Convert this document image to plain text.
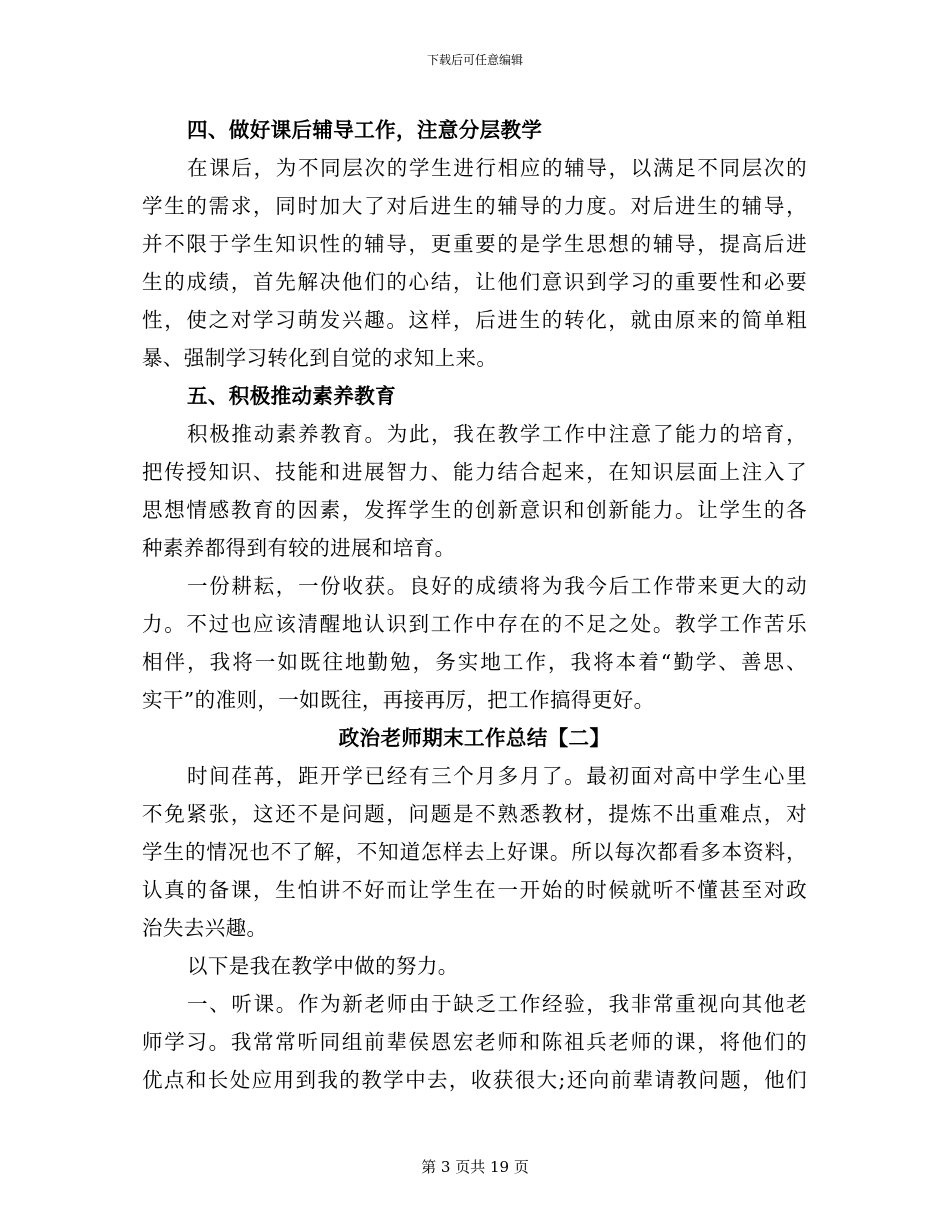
下载后可任意编辑
四、做好课后辅导工作，注意分层教学
在课后，为不同层次的学生进行相应的辅导，以满足不同层次的
学生的需求，同时加大了对后进生的辅导的力度。对后进生的辅导，
并不限于学生知识性的辅导，更重要的是学生思想的辅导，提高后进
生的成绩，首先解决他们的心结，让他们意识到学习的重要性和必要
性，使之对学习萌发兴趣。这样，后进生的转化，就由原来的简单粗
暴、强制学习转化到自觉的求知上来。
五、积极推动素养教育
积极推动素养教育。为此，我在教学工作中注意了能力的培育，
把传授知识、技能和进展智力、能力结合起来，在知识层面上注入了
思想情感教育的因素，发挥学生的创新意识和创新能力。让学生的各
种素养都得到有较的进展和培育。
一份耕耘，一份收获。良好的成绩将为我今后工作带来更大的动
力。不过也应该清醒地认识到工作中存在的不足之处。教学工作苦乐
相伴，我将一如既往地勤勉，务实地工作，我将本着“勤学、善思、
实干”的准则，一如既往，再接再厉，把工作搞得更好。
政治老师期末工作总结【二】
时间荏苒，距开学已经有三个月多月了。最初面对高中学生心里
不免紧张，这还不是问题，问题是不熟悉教材，提炼不出重难点，对
学生的情况也不了解，不知道怎样去上好课。所以每次都看多本资料，
认真的备课，生怕讲不好而让学生在一开始的时候就听不懂甚至对政
治失去兴趣。
以下是我在教学中做的努力。
一、听课。作为新老师由于缺乏工作经验，我非常重视向其他老
师学习。我常常听同组前辈侯恩宏老师和陈祖兵老师的课，将他们的
优点和长处应用到我的教学中去，收获很大;还向前辈请教问题，他们
第 3 页共 19 页
